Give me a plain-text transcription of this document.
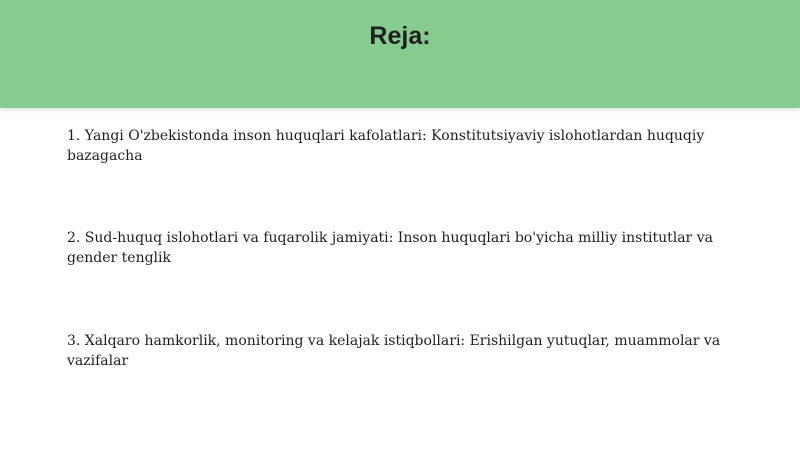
Reja:
1. Yangi O'zbekistonda inson huquqlari kafolatlari: Konstitutsiyaviy islohotlardan huquqiy bazagacha
2. Sud-huquq islohotlari va fuqarolik jamiyati: Inson huquqlari bo'yicha milliy institutlar va gender tenglik
3. Xalqaro hamkorlik, monitoring va kelajak istiqbollari: Erishilgan yutuqlar, muammolar va vazifalar
